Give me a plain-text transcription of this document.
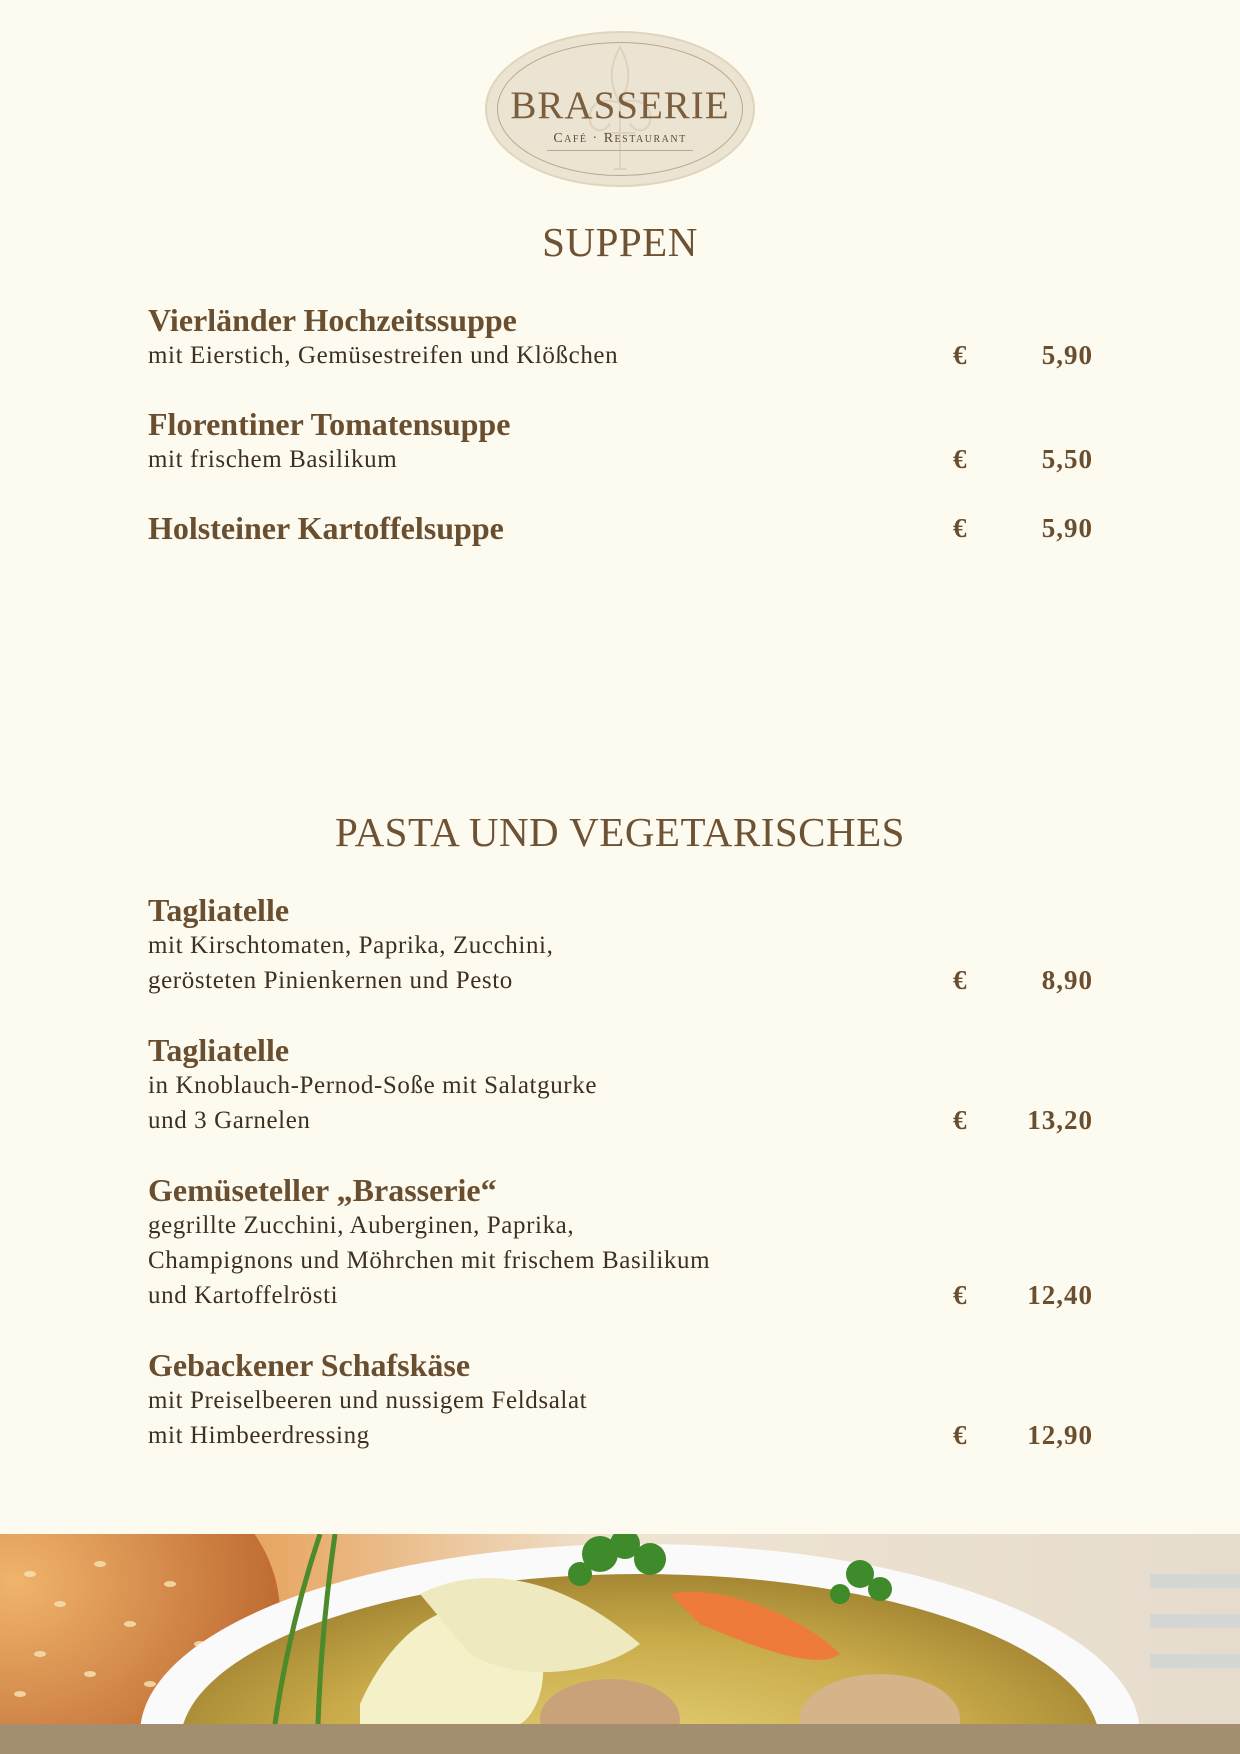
BRASSERIE
Café · Restaurant
SUPPEN

Vierländer Hochzeitssuppe

mit Eierstich, Gemüsestreifen und Klößchen	€	5,90

Florentiner Tomatensuppe

mit frischem Basilikum	€	5,50

Holsteiner Kartoffelsuppe	€	5,90
PASTA UND VEGETARISCHES

Tagliatelle

mit Kirschtomaten, Paprika, Zucchini,
gerösteten Pinienkernen und Pesto	€	8,90

Tagliatelle

in Knoblauch-Pernod-Soße mit Salatgurke
und 3 Garnelen	€ 13,20

Gemüseteller „Brasserie“

gegrillte Zucchini, Auberginen, Paprika,
Champignons und Möhrchen mit frischem Basilikum
und Kartoffelrösti	€ 12,40

Gebackener Schafskäse

mit Preiselbeeren und nussigem Feldsalat
mit Himbeerdressing	€ 12,90
